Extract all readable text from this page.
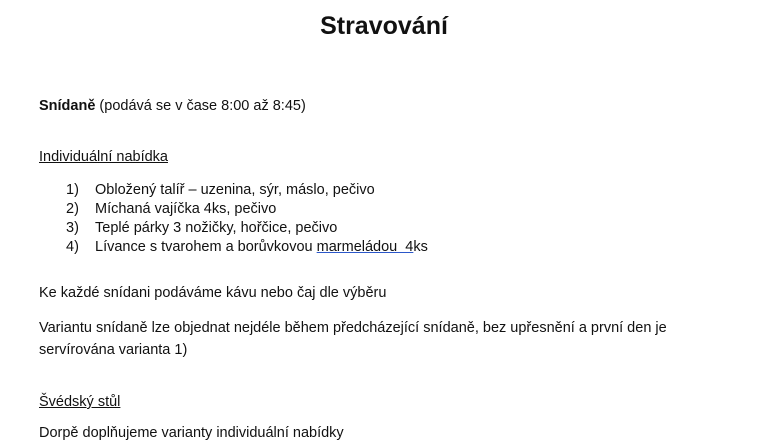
Stravování
Snídaně (podává se v čase 8:00 až 8:45)
Individuální nabídka
1) Obložený talíř – uzenina, sýr, máslo, pečivo
2) Míchaná vajíčka 4ks, pečivo
3) Teplé párky 3 nožičky, hořčice, pečivo
4) Lívance s tvarohem a borůvkovou marmeládou  4ks
Ke každé snídani podáváme kávu nebo čaj dle výběru
Variantu snídaně lze objednat nejdéle během předcházející snídaně, bez upřesnění a první den je servírována varianta 1)
Švédský stůl
Dorpě doplňujeme varianty individuální nabídky
